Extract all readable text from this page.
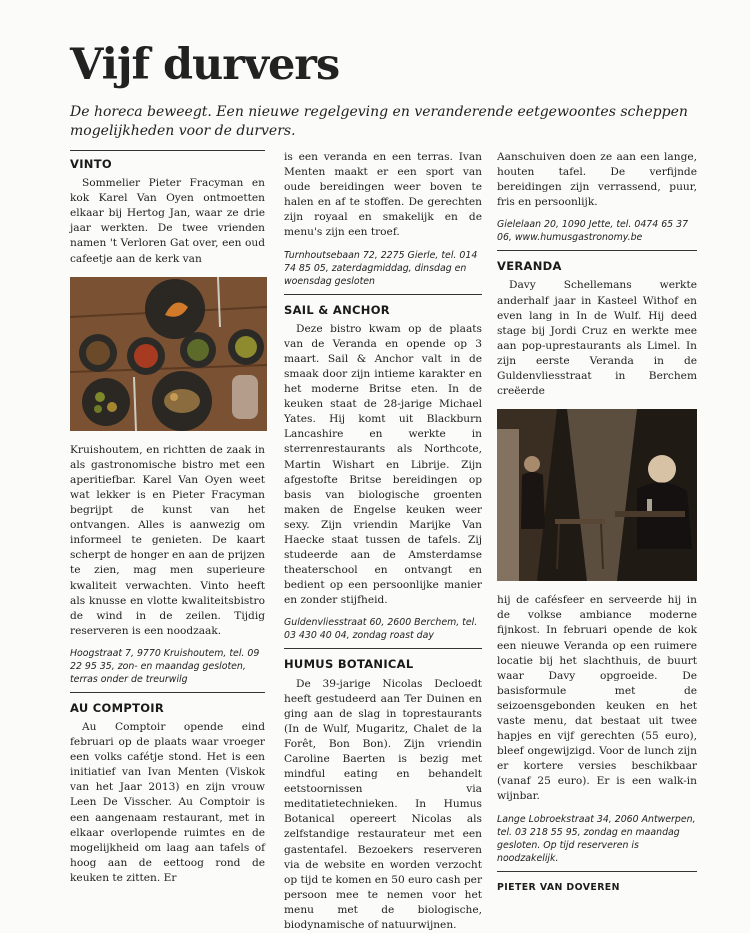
Vijf durvers
De horeca beweegt. Een nieuwe regelgeving en veranderende eetgewoontes scheppen mogelijkheden voor de durvers.
VINTO

Sommelier Pieter Fracyman en kok Karel Van Oyen ontmoetten elkaar bij Hertog Jan, waar ze drie jaar werkten. De twee vrienden namen 't Verloren Gat over, een oud cafeetje aan de kerk van

Kruishoutem, en richtten de zaak in als gastronomische bistro met een aperitiefbar. Karel Van Oyen weet wat lekker is en Pieter Fracyman begrijpt de kunst van het ontvangen. Alles is aanwezig om informeel te genieten. De kaart scherpt de honger en aan de prijzen te zien, mag men superieure kwaliteit verwachten. Vinto heeft als knusse en vlotte kwaliteitsbistro de wind in de zeilen. Tijdig reserveren is een noodzaak.

Hoogstraat 7, 9770 Kruishoutem, tel. 09 22 95 35, zon- en maandag gesloten, terras onder de treurwilg
AU COMPTOIR

Au Comptoir opende eind februari op de plaats waar vroeger een volks cafétje stond. Het is een initiatief van Ivan Menten (Viskok van het Jaar 2013) en zijn vrouw Leen De Visscher. Au Comptoir is een aangenaam restaurant, met in elkaar overlopende ruimtes en de mogelijkheid om laag aan tafels of hoog aan de eettoog rond de keuken te zitten. Er

is een veranda en een terras. Ivan Menten maakt er een sport van oude bereidingen weer boven te halen en af te stoffen. De gerechten zijn royaal en smakelijk en de menu's zijn een troef.

Turnhoutsebaan 72, 2275 Gierle, tel. 014 74 85 05, zaterdagmiddag, dinsdag en woensdag gesloten
SAIL & ANCHOR

Deze bistro kwam op de plaats van de Veranda en opende op 3 maart. Sail & Anchor valt in de smaak door zijn intieme karakter en het moderne Britse eten. In de keuken staat de 28-jarige Michael Yates. Hij komt uit Blackburn Lancashire en werkte in sterrenrestaurants als Northcote, Martin Wishart en Librije. Zijn afgestofte Britse bereidingen op basis van biologische groenten maken de Engelse keuken weer sexy. Zijn vriendin Marijke Van Haecke staat tussen de tafels. Zij studeerde aan de Amsterdamse theaterschool en ontvangt en bedient op een persoonlijke manier en zonder stijfheid.

Guldenvliesstraat 60, 2600 Berchem, tel. 03 430 40 04, zondag roast day
HUMUS BOTANICAL

De 39-jarige Nicolas Decloedt heeft gestudeerd aan Ter Duinen en ging aan de slag in toprestaurants (In de Wulf, Mugaritz, Chalet de la Forêt, Bon Bon). Zijn vriendin Caroline Baerten is bezig met mindful eating en behandelt eetstoornissen via meditatietechnieken. In Humus Botanical opereert Nicolas als zelfstandige restaurateur met een gastentafel. Bezoekers reserveren via de website en worden verzocht op tijd te komen en 50 euro cash per persoon mee te nemen voor het menu met de biologische, biodynamische of natuurwijnen.

Aanschuiven doen ze aan een lange, houten tafel. De verfijnde bereidingen zijn verrassend, puur, fris en persoonlijk.

Gielelaan 20, 1090 Jette, tel. 0474 65 37 06, www.humusgastronomy.be
VERANDA

Davy Schellemans werkte anderhalf jaar in Kasteel Withof en even lang in In de Wulf. Hij deed stage bij Jordi Cruz en werkte mee aan pop-uprestaurants als Limel. In zijn eerste Veranda in de Guldenvliesstraat in Berchem creëerde

hij de cafésfeer en serveerde hij in de volkse ambiance moderne fijnkost. In februari opende de kok een nieuwe Veranda op een ruimere locatie bij het slachthuis, de buurt waar Davy opgroeide. De basisformule met de seizoensgebonden keuken en het vaste menu, dat bestaat uit twee hapjes en vijf gerechten (55 euro), bleef ongewijzigd. Voor de lunch zijn er kortere versies beschikbaar (vanaf 25 euro). Er is een walk-in wijnbar.

Lange Lobroekstraat 34, 2060 Antwerpen, tel. 03 218 55 95, zondag en maandag gesloten. Op tijd reserveren is noodzakelijk.
PIETER VAN DOVEREN
